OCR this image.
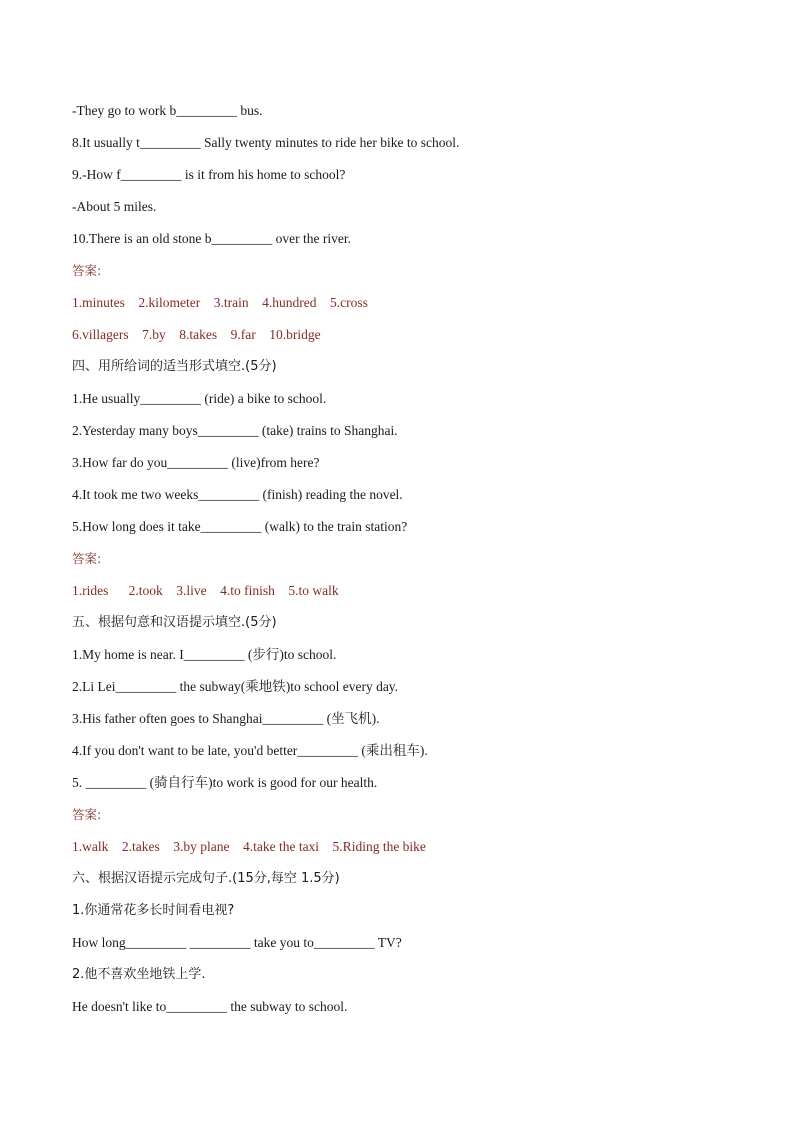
-They go to work b_________ bus.
8.It usually t_________ Sally twenty minutes to ride her bike to school.
9.-How f_________ is it from his home to school?
-About 5 miles.
10.There is an old stone b_________ over the river.
答案:
1.minutes    2.kilometer    3.train    4.hundred    5.cross
6.villagers    7.by    8.takes    9.far    10.bridge
四、用所给词的适当形式填空.(5分)
1.He usually_________ (ride) a bike to school.
2.Yesterday many boys_________ (take) trains to Shanghai.
3.How far do you_________ (live)from here?
4.It took me two weeks_________ (finish) reading the novel.
5.How long does it take_________ (walk) to the train station?
答案:
1.rides      2.took    3.live    4.to finish    5.to walk
五、根据句意和汉语提示填空.(5分)
1.My home is near. I_________ (步行)to school.
2.Li Lei_________ the subway(乘地铁)to school every day.
3.His father often goes to Shanghai_________ (坐飞机).
4.If you don't want to be late, you'd better_________ (乘出租车).
5. _________ (骑自行车)to work is good for our health.
答案:
1.walk    2.takes    3.by plane    4.take the taxi    5.Riding the bike
六、根据汉语提示完成句子.(15分,每空 1.5分)
1.你通常花多长时间看电视?
How long_________ _________ take you to_________ TV?
2.他不喜欢坐地铁上学.
He doesn't like to_________ the subway to school.
